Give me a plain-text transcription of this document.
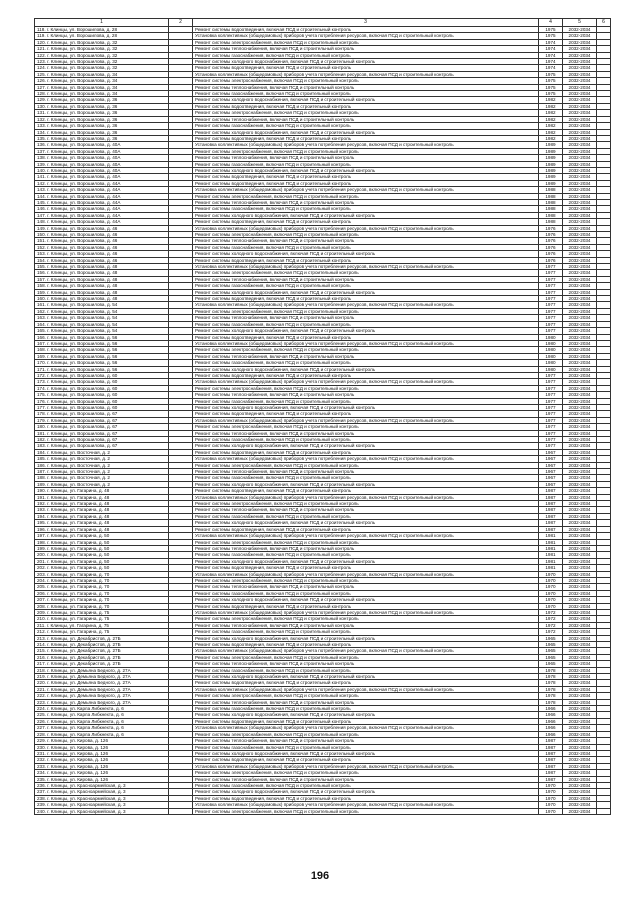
1	2	3	4	5	6
118. г. Клинцы, ул. Ворошилова, д. 28		Ремонт системы водоотведения, включая ПСД и строительный контроль	1975	2032-2034	
119. г. Клинцы, ул. Ворошилова, д. 28		Установка коллективных (общедомовых) приборов учета потребления ресурсов, включая ПСД и строительный контроль	1975	2032-2034	
120. г. Клинцы, ул. Ворошилова, д. 32		Ремонт системы электроснабжения, включая ПСД и строительный контроль	1974	2032-2034	
121. г. Клинцы, ул. Ворошилова, д. 32		Ремонт системы теплоснабжения, включая ПСД и строительный контроль	1974	2032-2034	
122. г. Клинцы, ул. Ворошилова, д. 32		Ремонт системы газоснабжения, включая ПСД и строительный контроль	1974	2032-2034	
123. г. Клинцы, ул. Ворошилова, д. 32		Ремонт системы холодного водоснабжения, включая ПСД и строительный контроль	1974	2032-2034	
124. г. Клинцы, ул. Ворошилова, д. 32		Ремонт системы водоотведения, включая ПСД и строительный контроль	1974	2032-2034	
125. г. Клинцы, ул. Ворошилова, д. 34		Установка коллективных (общедомовых) приборов учета потребления ресурсов, включая ПСД и строительный контроль	1975	2032-2034	
126. г. Клинцы, ул. Ворошилова, д. 34		Ремонт системы электроснабжения, включая ПСД и строительный контроль	1975	2032-2034	
127. г. Клинцы, ул. Ворошилова, д. 34		Ремонт системы теплоснабжения, включая ПСД и строительный контроль	1975	2032-2034	
128. г. Клинцы, ул. Ворошилова, д. 34		Ремонт системы газоснабжения, включая ПСД и строительный контроль	1975	2032-2034	
129. г. Клинцы, ул. Ворошилова, д. 36		Ремонт системы холодного водоснабжения, включая ПСД и строительный контроль	1982	2032-2034	
130. г. Клинцы, ул. Ворошилова, д. 36		Ремонт системы водоотведения, включая ПСД и строительный контроль	1982	2032-2034	
131. г. Клинцы, ул. Ворошилова, д. 36		Ремонт системы электроснабжения, включая ПСД и строительный контроль	1982	2032-2034	
132. г. Клинцы, ул. Ворошилова, д. 36		Ремонт системы теплоснабжения, включая ПСД и строительный контроль	1982	2032-2034	
133. г. Клинцы, ул. Ворошилова, д. 36		Ремонт системы газоснабжения, включая ПСД и строительный контроль	1982	2032-2034	
134. г. Клинцы, ул. Ворошилова, д. 36		Ремонт системы холодного водоснабжения, включая ПСД и строительный контроль	1982	2032-2034	
135. г. Клинцы, ул. Ворошилова, д. 36		Ремонт системы водоотведения, включая ПСД и строительный контроль	1982	2032-2034	
136. г. Клинцы, ул. Ворошилова, д. 40А		Установка коллективных (общедомовых) приборов учета потребления ресурсов, включая ПСД и строительный контроль	1989	2032-2034	
137. г. Клинцы, ул. Ворошилова, д. 40А		Ремонт системы электроснабжения, включая ПСД и строительный контроль	1989	2032-2034	
138. г. Клинцы, ул. Ворошилова, д. 40А		Ремонт системы теплоснабжения, включая ПСД и строительный контроль	1989	2032-2034	
139. г. Клинцы, ул. Ворошилова, д. 40А		Ремонт системы газоснабжения, включая ПСД и строительный контроль	1989	2032-2034	
140. г. Клинцы, ул. Ворошилова, д. 40А		Ремонт системы холодного водоснабжения, включая ПСД и строительный контроль	1989	2032-2034	
141. г. Клинцы, ул. Ворошилова, д. 40А		Ремонт системы водоотведения, включая ПСД и строительный контроль	1989	2032-2034	
142. г. Клинцы, ул. Ворошилова, д. 44А		Ремонт системы водоотведения, включая ПСД и строительный контроль	1989	2032-2034	
143. г. Клинцы, ул. Ворошилова, д. 44А		Установка коллективных (общедомовых) приборов учета потребления ресурсов, включая ПСД и строительный контроль	1988	2032-2034	
144. г. Клинцы, ул. Ворошилова, д. 44А		Ремонт системы электроснабжения, включая ПСД и строительный контроль	1988	2032-2034	
145. г. Клинцы, ул. Ворошилова, д. 44А		Ремонт системы теплоснабжения, включая ПСД и строительный контроль	1988	2032-2034	
146. г. Клинцы, ул. Ворошилова, д. 44А		Ремонт системы газоснабжения, включая ПСД и строительный контроль	1988	2032-2034	
147. г. Клинцы, ул. Ворошилова, д. 44А		Ремонт системы холодного водоснабжения, включая ПСД и строительный контроль	1988	2032-2034	
148. г. Клинцы, ул. Ворошилова, д. 44А		Ремонт системы водоотведения, включая ПСД и строительный контроль	1988	2032-2034	
149. г. Клинцы, ул. Ворошилова, д. 46		Установка коллективных (общедомовых) приборов учета потребления ресурсов, включая ПСД и строительный контроль	1976	2032-2034	
150. г. Клинцы, ул. Ворошилова, д. 46		Ремонт системы электроснабжения, включая ПСД и строительный контроль	1976	2032-2034	
151. г. Клинцы, ул. Ворошилова, д. 46		Ремонт системы теплоснабжения, включая ПСД и строительный контроль	1976	2032-2034	
152. г. Клинцы, ул. Ворошилова, д. 46		Ремонт системы газоснабжения, включая ПСД и строительный контроль	1976	2032-2034	
153. г. Клинцы, ул. Ворошилова, д. 46		Ремонт системы холодного водоснабжения, включая ПСД и строительный контроль	1976	2032-2034	
154. г. Клинцы, ул. Ворошилова, д. 46		Ремонт системы водоотведения, включая ПСД и строительный контроль	1976	2032-2034	
155. г. Клинцы, ул. Ворошилова, д. 48		Установка коллективных (общедомовых) приборов учета потребления ресурсов, включая ПСД и строительный контроль	1977	2032-2034	
156. г. Клинцы, ул. Ворошилова, д. 48		Ремонт системы электроснабжения, включая ПСД и строительный контроль	1977	2032-2034	
157. г. Клинцы, ул. Ворошилова, д. 48		Ремонт системы теплоснабжения, включая ПСД и строительный контроль	1977	2032-2034	
158. г. Клинцы, ул. Ворошилова, д. 48		Ремонт системы газоснабжения, включая ПСД и строительный контроль	1977	2032-2034	
159. г. Клинцы, ул. Ворошилова, д. 48		Ремонт системы холодного водоснабжения, включая ПСД и строительный контроль	1977	2032-2034	
160. г. Клинцы, ул. Ворошилова, д. 48		Ремонт системы водоотведения, включая ПСД и строительный контроль	1977	2032-2034	
161. г. Клинцы, ул. Ворошилова, д. 54		Установка коллективных (общедомовых) приборов учета потребления ресурсов, включая ПСД и строительный контроль	1977	2032-2034	
162. г. Клинцы, ул. Ворошилова, д. 54		Ремонт системы электроснабжения, включая ПСД и строительный контроль	1977	2032-2034	
163. г. Клинцы, ул. Ворошилова, д. 54		Ремонт системы теплоснабжения, включая ПСД и строительный контроль	1977	2032-2034	
164. г. Клинцы, ул. Ворошилова, д. 54		Ремонт системы газоснабжения, включая ПСД и строительный контроль	1977	2032-2034	
165. г. Клинцы, ул. Ворошилова, д. 54		Ремонт системы холодного водоснабжения, включая ПСД и строительный контроль	1977	2032-2034	
166. г. Клинцы, ул. Ворошилова, д. 56		Ремонт системы водоотведения, включая ПСД и строительный контроль	1980	2032-2034	
167. г. Клинцы, ул. Ворошилова, д. 56		Установка коллективных (общедомовых) приборов учета потребления ресурсов, включая ПСД и строительный контроль	1980	2032-2034	
168. г. Клинцы, ул. Ворошилова, д. 56		Ремонт системы электроснабжения, включая ПСД и строительный контроль	1980	2032-2034	
169. г. Клинцы, ул. Ворошилова, д. 56		Ремонт системы теплоснабжения, включая ПСД и строительный контроль	1980	2032-2034	
170. г. Клинцы, ул. Ворошилова, д. 56		Ремонт системы газоснабжения, включая ПСД и строительный контроль	1980	2032-2034	
171. г. Клинцы, ул. Ворошилова, д. 56		Ремонт системы холодного водоснабжения, включая ПСД и строительный контроль	1980	2032-2034	
172. г. Клинцы, ул. Ворошилова, д. 60		Ремонт системы водоотведения, включая ПСД и строительный контроль	1977	2032-2034	
173. г. Клинцы, ул. Ворошилова, д. 60		Установка коллективных (общедомовых) приборов учета потребления ресурсов, включая ПСД и строительный контроль	1977	2032-2034	
174. г. Клинцы, ул. Ворошилова, д. 60		Ремонт системы электроснабжения, включая ПСД и строительный контроль	1977	2032-2034	
175. г. Клинцы, ул. Ворошилова, д. 60		Ремонт системы теплоснабжения, включая ПСД и строительный контроль	1977	2032-2034	
176. г. Клинцы, ул. Ворошилова, д. 60		Ремонт системы газоснабжения, включая ПСД и строительный контроль	1977	2032-2034	
177. г. Клинцы, ул. Ворошилова, д. 60		Ремонт системы холодного водоснабжения, включая ПСД и строительный контроль	1977	2032-2034	
178. г. Клинцы, ул. Ворошилова, д. 67		Ремонт системы водоотведения, включая ПСД и строительный контроль	1977	2032-2034	
179. г. Клинцы, ул. Ворошилова, д. 67		Установка коллективных (общедомовых) приборов учета потребления ресурсов, включая ПСД и строительный контроль	1977	2032-2034	
180. г. Клинцы, ул. Ворошилова, д. 67		Ремонт системы электроснабжения, включая ПСД и строительный контроль	1977	2032-2034	
181. г. Клинцы, ул. Ворошилова, д. 67		Ремонт системы теплоснабжения, включая ПСД и строительный контроль	1977	2032-2034	
182. г. Клинцы, ул. Ворошилова, д. 67		Ремонт системы газоснабжения, включая ПСД и строительный контроль	1977	2032-2034	
183. г. Клинцы, ул. Ворошилова, д. 67		Ремонт системы холодного водоснабжения, включая ПСД и строительный контроль	1977	2032-2034	
184. г. Клинцы, ул. Восточная, д. 2		Ремонт системы водоотведения, включая ПСД и строительный контроль	1967	2032-2034	
185. г. Клинцы, ул. Восточная, д. 2		Установка коллективных (общедомовых) приборов учета потребления ресурсов, включая ПСД и строительный контроль	1967	2032-2034	
186. г. Клинцы, ул. Восточная, д. 2		Ремонт системы электроснабжения, включая ПСД и строительный контроль	1967	2032-2034	
187. г. Клинцы, ул. Восточная, д. 2		Ремонт системы теплоснабжения, включая ПСД и строительный контроль	1967	2032-2034	
188. г. Клинцы, ул. Восточная, д. 2		Ремонт системы газоснабжения, включая ПСД и строительный контроль	1967	2032-2034	
189. г. Клинцы, ул. Восточная, д. 2		Ремонт системы холодного водоснабжения, включая ПСД и строительный контроль	1967	2032-2034	
190. г. Клинцы, ул. Гагарина, д. 48		Ремонт системы водоотведения, включая ПСД и строительный контроль	1987	2032-2034	
191. г. Клинцы, ул. Гагарина, д. 48		Установка коллективных (общедомовых) приборов учета потребления ресурсов, включая ПСД и строительный контроль	1987	2032-2034	
192. г. Клинцы, ул. Гагарина, д. 48		Ремонт системы электроснабжения, включая ПСД и строительный контроль	1987	2032-2034	
193. г. Клинцы, ул. Гагарина, д. 48		Ремонт системы теплоснабжения, включая ПСД и строительный контроль	1987	2032-2034	
194. г. Клинцы, ул. Гагарина, д. 48		Ремонт системы газоснабжения, включая ПСД и строительный контроль	1987	2032-2034	
195. г. Клинцы, ул. Гагарина, д. 48		Ремонт системы холодного водоснабжения, включая ПСД и строительный контроль	1987	2032-2034	
196. г. Клинцы, ул. Гагарина, д. 48		Ремонт системы водоотведения, включая ПСД и строительный контроль	1987	2032-2034	
197. г. Клинцы, ул. Гагарина, д. 50		Установка коллективных (общедомовых) приборов учета потребления ресурсов, включая ПСД и строительный контроль	1981	2032-2034	
198. г. Клинцы, ул. Гагарина, д. 50		Ремонт системы электроснабжения, включая ПСД и строительный контроль	1981	2032-2034	
199. г. Клинцы, ул. Гагарина, д. 50		Ремонт системы теплоснабжения, включая ПСД и строительный контроль	1981	2032-2034	
200. г. Клинцы, ул. Гагарина, д. 50		Ремонт системы газоснабжения, включая ПСД и строительный контроль	1981	2032-2034	
201. г. Клинцы, ул. Гагарина, д. 50		Ремонт системы холодного водоснабжения, включая ПСД и строительный контроль	1981	2032-2034	
202. г. Клинцы, ул. Гагарина, д. 50		Ремонт системы водоотведения, включая ПСД и строительный контроль	1981	2032-2034	
203. г. Клинцы, ул. Гагарина, д. 70		Установка коллективных (общедомовых) приборов учета потребления ресурсов, включая ПСД и строительный контроль	1970	2032-2034	
204. г. Клинцы, ул. Гагарина, д. 70		Ремонт системы электроснабжения, включая ПСД и строительный контроль	1970	2032-2034	
205. г. Клинцы, ул. Гагарина, д. 70		Ремонт системы теплоснабжения, включая ПСД и строительный контроль	1970	2032-2034	
206. г. Клинцы, ул. Гагарина, д. 70		Ремонт системы газоснабжения, включая ПСД и строительный контроль	1970	2032-2034	
207. г. Клинцы, ул. Гагарина, д. 70		Ремонт системы холодного водоснабжения, включая ПСД и строительный контроль	1970	2032-2034	
208. г. Клинцы, ул. Гагарина, д. 70		Ремонт системы водоотведения, включая ПСД и строительный контроль	1970	2032-2034	
209. г. Клинцы, ул. Гагарина, д. 75		Установка коллективных (общедомовых) приборов учета потребления ресурсов, включая ПСД и строительный контроль	1972	2032-2034	
210. г. Клинцы, ул. Гагарина, д. 75		Ремонт системы электроснабжения, включая ПСД и строительный контроль	1972	2032-2034	
211. г. Клинцы, ул. Гагарина, д. 75		Ремонт системы теплоснабжения, включая ПСД и строительный контроль	1972	2032-2034	
212. г. Клинцы, ул. Гагарина, д. 75		Ремонт системы газоснабжения, включая ПСД и строительный контроль	1972	2032-2034	
213. г. Клинцы, ул. Декабристов, д. 27Б		Ремонт системы холодного водоснабжения, включая ПСД и строительный контроль	1965	2032-2034	
214. г. Клинцы, ул. Декабристов, д. 27Б		Ремонт системы водоотведения, включая ПСД и строительный контроль	1965	2032-2034	
215. г. Клинцы, ул. Декабристов, д. 27Б		Установка коллективных (общедомовых) приборов учета потребления ресурсов, включая ПСД и строительный контроль	1965	2032-2034	
216. г. Клинцы, ул. Декабристов, д. 27Б		Ремонт системы электроснабжения, включая ПСД и строительный контроль	1965	2032-2034	
217. г. Клинцы, ул. Декабристов, д. 27Б		Ремонт системы теплоснабжения, включая ПСД и строительный контроль	1965	2032-2034	
218. г. Клинцы, ул. Демьяна Бедного, д. 27А		Ремонт системы газоснабжения, включая ПСД и строительный контроль	1978	2032-2034	
219. г. Клинцы, ул. Демьяна Бедного, д. 27А		Ремонт системы холодного водоснабжения, включая ПСД и строительный контроль	1978	2032-2034	
220. г. Клинцы, ул. Демьяна Бедного, д. 27А		Ремонт системы водоотведения, включая ПСД и строительный контроль	1978	2032-2034	
221. г. Клинцы, ул. Демьяна Бедного, д. 27А		Установка коллективных (общедомовых) приборов учета потребления ресурсов, включая ПСД и строительный контроль	1978	2032-2034	
222. г. Клинцы, ул. Демьяна Бедного, д. 27А		Ремонт системы электроснабжения, включая ПСД и строительный контроль	1978	2032-2034	
223. г. Клинцы, ул. Демьяна Бедного, д. 27А		Ремонт системы теплоснабжения, включая ПСД и строительный контроль	1978	2032-2034	
224. г. Клинцы, ул. Карла Либкнехта, д. 6		Ремонт системы газоснабжения, включая ПСД и строительный контроль	1966	2032-2034	
225. г. Клинцы, ул. Карла Либкнехта, д. 6		Ремонт системы холодного водоснабжения, включая ПСД и строительный контроль	1966	2032-2034	
226. г. Клинцы, ул. Карла Либкнехта, д. 6		Ремонт системы водоотведения, включая ПСД и строительный контроль	1966	2032-2034	
227. г. Клинцы, ул. Карла Либкнехта, д. 6		Установка коллективных (общедомовых) приборов учета потребления ресурсов, включая ПСД и строительный контроль	1966	2032-2034	
228. г. Клинцы, ул. Карла Либкнехта, д. 6		Ремонт системы электроснабжения, включая ПСД и строительный контроль	1966	2032-2034	
229. г. Клинцы, ул. Кирова, д. 126		Ремонт системы теплоснабжения, включая ПСД и строительный контроль	1987	2032-2034	
230. г. Клинцы, ул. Кирова, д. 126		Ремонт системы газоснабжения, включая ПСД и строительный контроль	1987	2032-2034	
231. г. Клинцы, ул. Кирова, д. 126		Ремонт системы холодного водоснабжения, включая ПСД и строительный контроль	1987	2032-2034	
232. г. Клинцы, ул. Кирова, д. 126		Ремонт системы водоотведения, включая ПСД и строительный контроль	1987	2032-2034	
233. г. Клинцы, ул. Кирова, д. 126		Установка коллективных (общедомовых) приборов учета потребления ресурсов, включая ПСД и строительный контроль	1987	2032-2034	
234. г. Клинцы, ул. Кирова, д. 126		Ремонт системы электроснабжения, включая ПСД и строительный контроль	1987	2032-2034	
235. г. Клинцы, ул. Кирова, д. 126		Ремонт системы теплоснабжения, включая ПСД и строительный контроль	1987	2032-2034	
236. г. Клинцы, ул. Красноармейская, д. 3		Ремонт системы газоснабжения, включая ПСД и строительный контроль	1970	2032-2034	
237. г. Клинцы, ул. Красноармейская, д. 3		Ремонт системы холодного водоснабжения, включая ПСД и строительный контроль	1970	2032-2034	
238. г. Клинцы, ул. Красноармейская, д. 3		Ремонт системы водоотведения, включая ПСД и строительный контроль	1970	2032-2034	
239. г. Клинцы, ул. Красноармейская, д. 3		Установка коллективных (общедомовых) приборов учета потребления ресурсов, включая ПСД и строительный контроль	1970	2032-2034	
240. г. Клинцы, ул. Красноармейская, д. 3		Ремонт системы электроснабжения, включая ПСД и строительный контроль	1970	2032-2034	
196
